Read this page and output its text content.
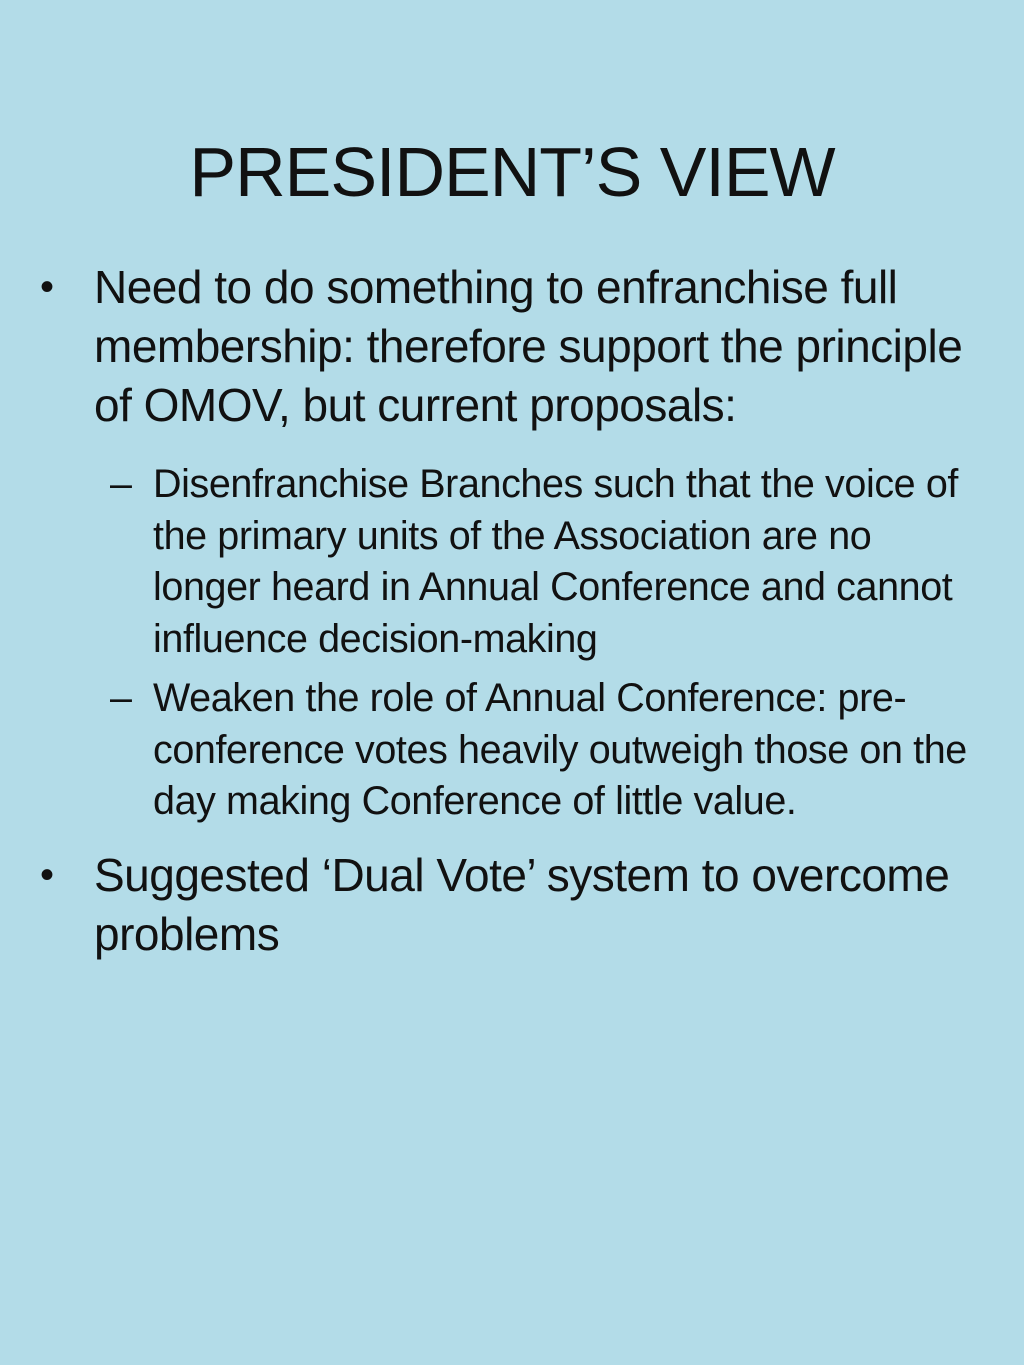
PRESIDENT’S VIEW
• Need to do something to enfranchise full membership: therefore support the principle of OMOV, but current proposals:
– Disenfranchise Branches such that the voice of the primary units of the Association are no longer heard in Annual Conference and cannot influence decision-making
– Weaken the role of Annual Conference: pre-conference votes heavily outweigh those on the day making Conference of little value.
• Suggested ‘Dual Vote’ system to overcome problems
